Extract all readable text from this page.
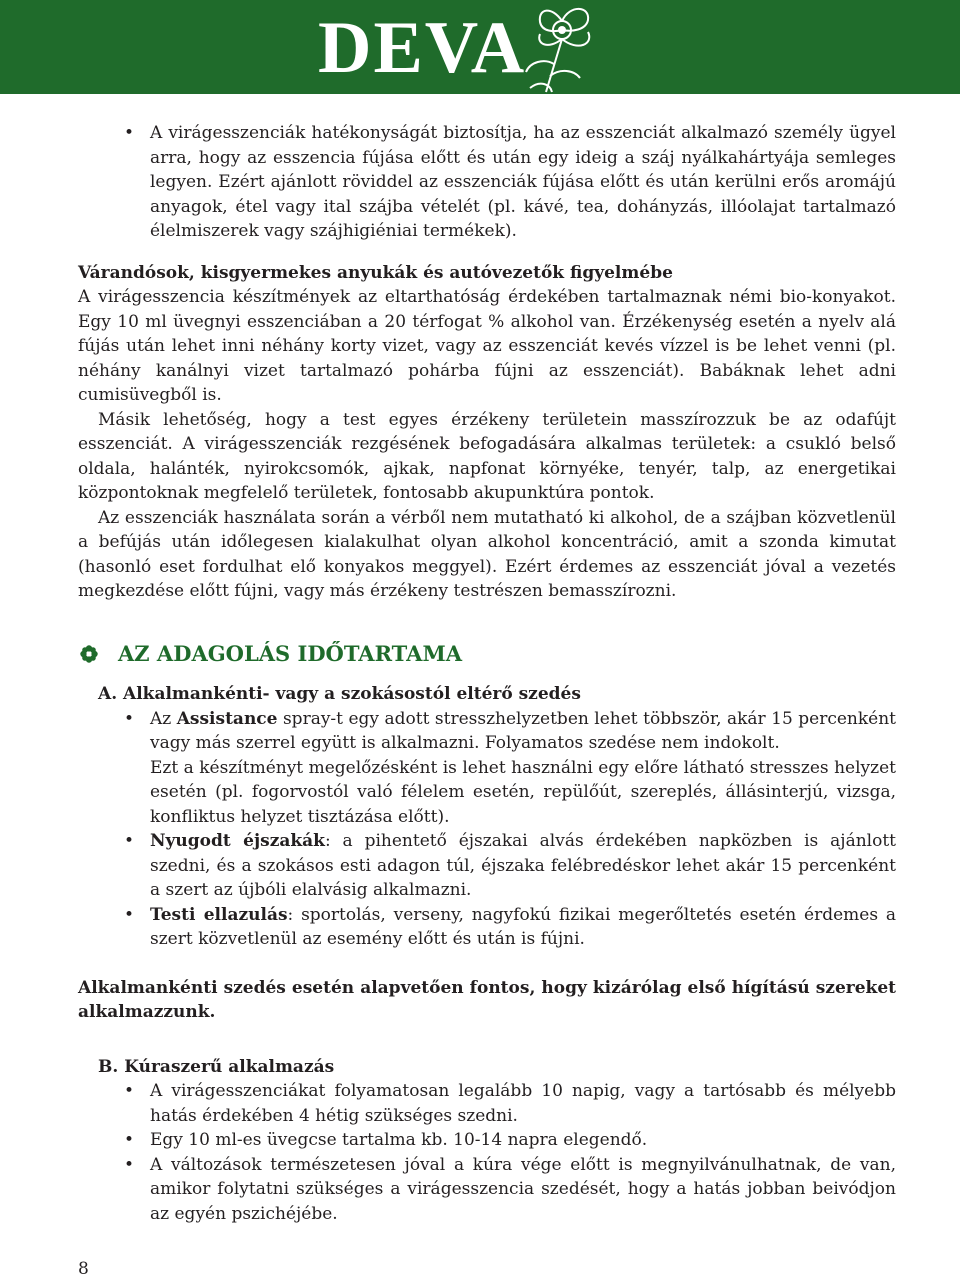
DEVA
• A virágesszenciák hatékonyságát biztosítja, ha az esszenciát alkalmazó személy ügyel arra, hogy az esszencia fújása előtt és után egy ideig a száj nyálkahártyája semleges legyen. Ezért ajánlott röviddel az esszenciák fújása előtt és után kerülni erős aromájú anyagok, étel vagy ital szájba vételét (pl. kávé, tea, dohányzás, illóolajat tartalmazó élelmiszerek vagy szájhigiéniai termékek).

Várandósok, kisgyermekes anyukák és autóvezetők figyelmébe

A virágesszencia készítmények az eltarthatóság érdekében tartalmaznak némi bio-konyakot. Egy 10 ml üvegnyi esszenciában a 20 térfogat % alkohol van. Érzékenység esetén a nyelv alá fújás után lehet inni néhány korty vizet, vagy az esszenciát kevés vízzel is be lehet venni (pl. néhány kanálnyi vizet tartalmazó pohárba fújni az esszenciát). Babáknak lehet adni cumisüvegből is.

Másik lehetőség, hogy a test egyes érzékeny területein masszírozzuk be az odafújt esszenciát. A virágesszenciák rezgésének befogadására alkalmas területek: a csukló belső oldala, halánték, nyirokcsomók, ajkak, napfonat környéke, tenyér, talp, az energetikai központoknak megfelelő területek, fontosabb akupunktúra pontok.

Az esszenciák használata során a vérből nem mutatható ki alkohol, de a szájban közvetlenül a befújás után időlegesen kialakulhat olyan alkohol koncentráció, amit a szonda kimutat (hasonló eset fordulhat elő konyakos meggyel). Ezért érdemes az esszenciát jóval a vezetés megkezdése előtt fújni, vagy más érzékeny testrészen bemasszírozni.

AZ ADAGOLÁS IDŐTARTAMA

A. Alkalmankénti- vagy a szokásostól eltérő szedés

• Az Assistance spray-t egy adott stresszhelyzetben lehet többször, akár 15 percenként vagy más szerrel együtt is alkalmazni. Folyamatos szedése nem indokolt.
Ezt a készítményt megelőzésként is lehet használni egy előre látható stresszes helyzet esetén (pl. fogorvostól való félelem esetén, repülőút, szereplés, állásinterjú, vizsga, konfliktus helyzet tisztázása előtt).
• Nyugodt éjszakák: a pihentető éjszakai alvás érdekében napközben is ajánlott szedni, és a szokásos esti adagon túl, éjszaka felébredéskor lehet akár 15 percenként a szert az újbóli elalvásig alkalmazni.
• Testi ellazulás: sportolás, verseny, nagyfokú fizikai megerőltetés esetén érdemes a szert közvetlenül az esemény előtt és után is fújni.

Alkalmankénti szedés esetén alapvetően fontos, hogy kizárólag első hígítású szereket alkalmazzunk.

B. Kúraszerű alkalmazás

• A virágesszenciákat folyamatosan legalább 10 napig, vagy a tartósabb és mélyebb hatás érdekében 4 hétig szükséges szedni.
• Egy 10 ml-es üvegcse tartalma kb. 10-14 napra elegendő.
• A változások természetesen jóval a kúra vége előtt is megnyilvánulhatnak, de van, amikor folytatni szükséges a virágesszencia szedését, hogy a hatás jobban beivódjon az egyén pszichéjébe.
8
